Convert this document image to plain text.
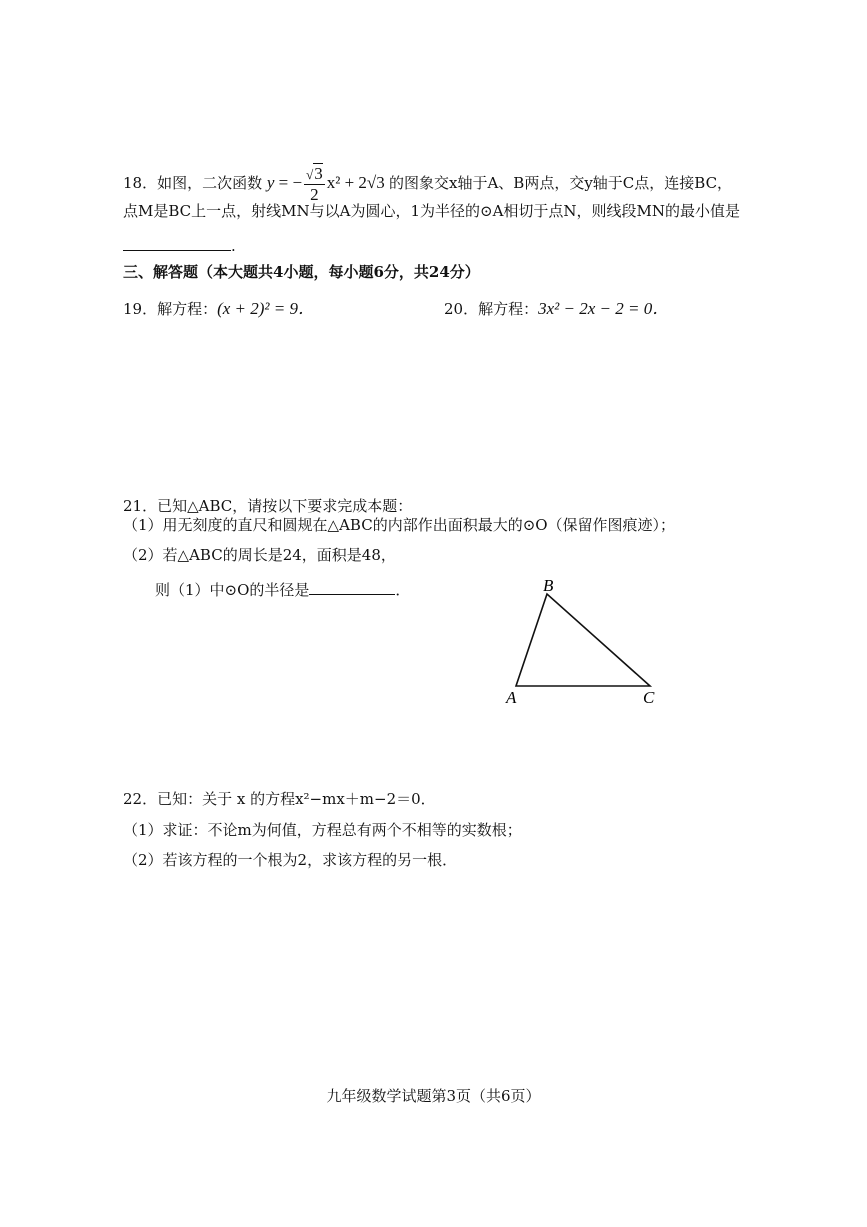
18．如图，二次函数 y = − $\frac{√3}{2} x^2 + 2√3$ 的图象交x轴于A、B两点，交y轴于C点，连接BC，
点M是BC上一点，射线MN与以A为圆心，1为半径的⊙A相切于点N，则线段MN的最小值是
.
三、解答题（本大题共4小题，每小题6分，共24分）
19．解方程：(x + 2)² = 9．	20．解方程：3x² − 2x − 2 = 0．
21．已知△ABC，请按以下要求完成本题：
（1）用无刻度的直尺和圆规在△ABC的内部作出面积最大的⊙O（保留作图痕迹）；
（2）若△ABC的周长是24，面积是48，
则（1）中⊙O的半径是	．	B
A	C
22．已知：关于 x 的方程x²−mx＋m−2＝0．
（1）求证：不论m为何值，方程总有两个不相等的实数根；
（2）若该方程的一个根为2，求该方程的另一根．
九年级数学试题第3页（共6页）
